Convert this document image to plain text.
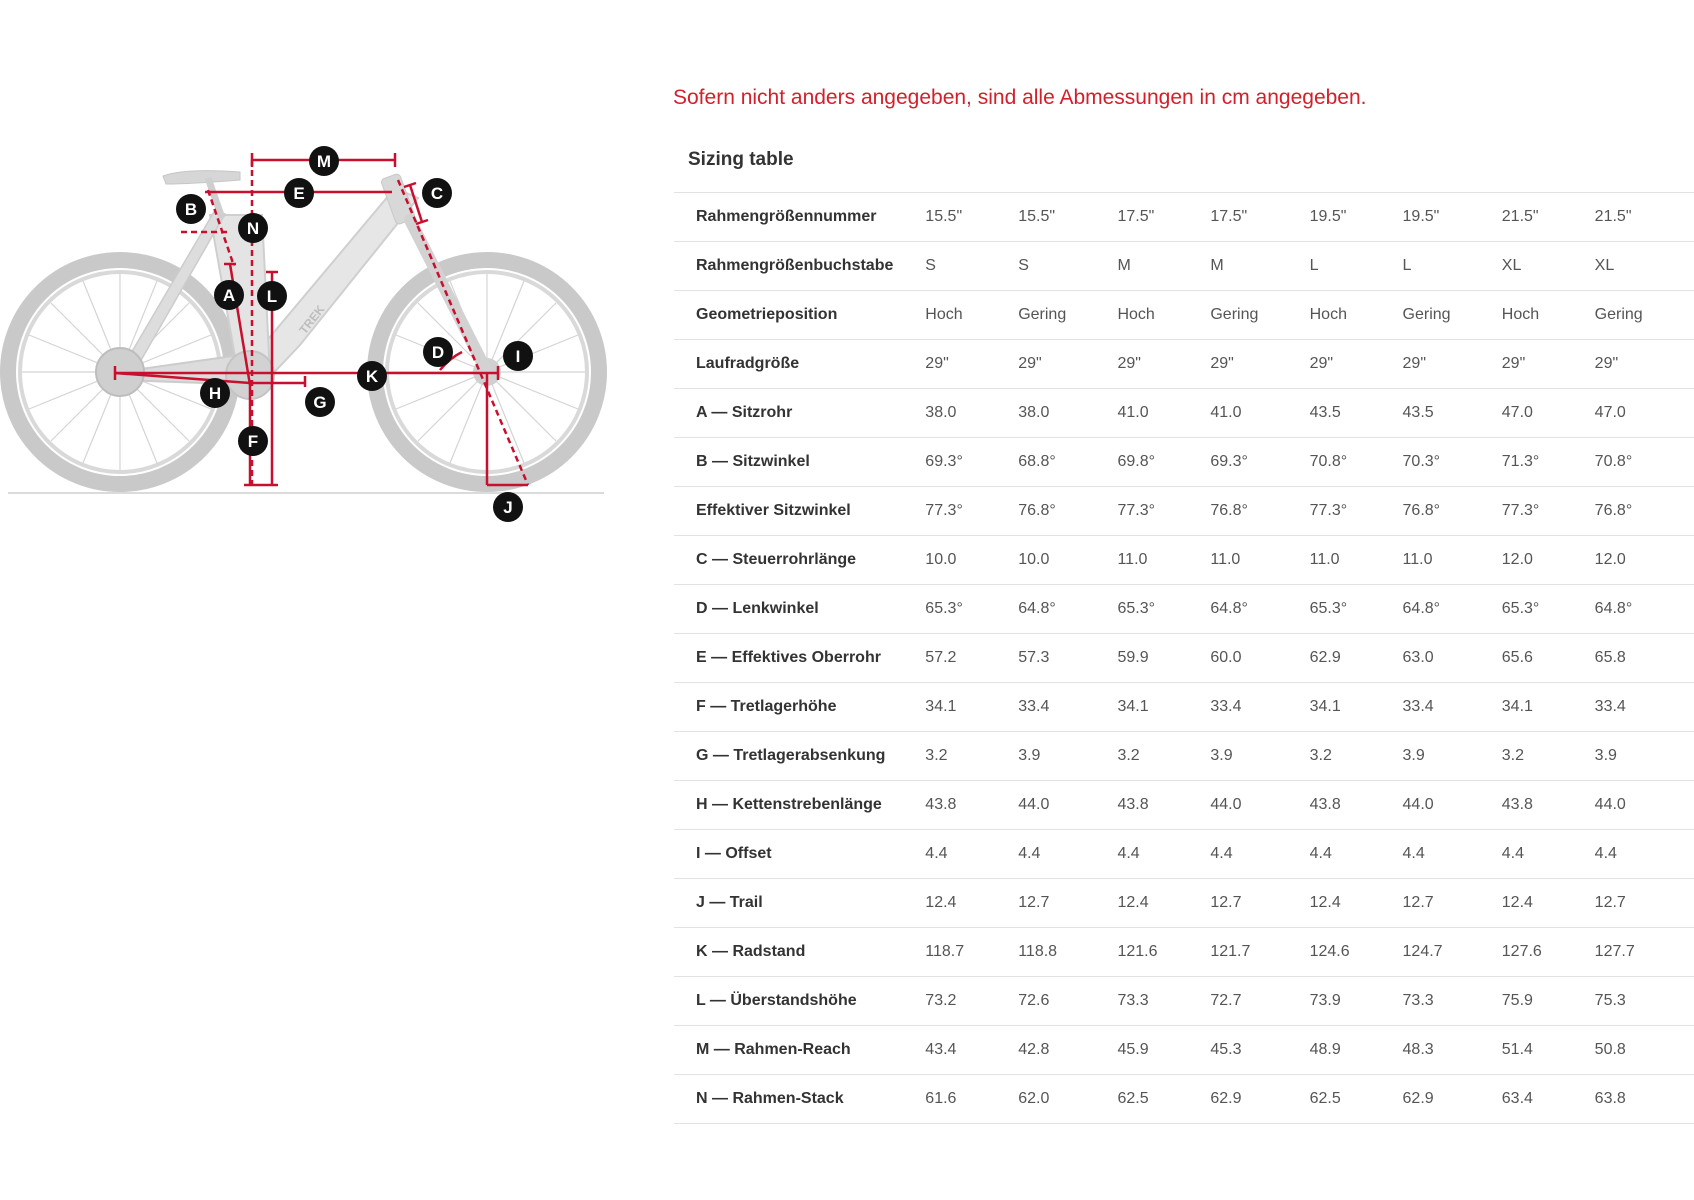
TREK
M
E	C
B
N
A L
D	I
K
H	G
F
J
Sofern nicht anders angegeben, sind alle Abmessungen in cm angegeben.
Sizing table
Rahmengrößennummer	15.5"	15.5"	17.5"	17.5"	19.5"	19.5"	21.5"	21.5"
Rahmengrößenbuchstabe	S	S	M	M	L	L	XL	XL
Geometrieposition	Hoch	Gering	Hoch	Gering	Hoch	Gering	Hoch	Gering
Laufradgröße	29"	29"	29"	29"	29"	29"	29"	29"
A — Sitzrohr	38.0	38.0	41.0	41.0	43.5	43.5	47.0	47.0
B — Sitzwinkel	69.3°	68.8°	69.8°	69.3°	70.8°	70.3°	71.3°	70.8°
Effektiver Sitzwinkel	77.3°	76.8°	77.3°	76.8°	77.3°	76.8°	77.3°	76.8°
C — Steuerrohrlänge	10.0	10.0	11.0	11.0	11.0	11.0	12.0	12.0
D — Lenkwinkel	65.3°	64.8°	65.3°	64.8°	65.3°	64.8°	65.3°	64.8°
E — Effektives Oberrohr	57.2	57.3	59.9	60.0	62.9	63.0	65.6	65.8
F — Tretlagerhöhe	34.1	33.4	34.1	33.4	34.1	33.4	34.1	33.4
G — Tretlagerabsenkung	3.2	3.9	3.2	3.9	3.2	3.9	3.2	3.9
H — Kettenstrebenlänge	43.8	44.0	43.8	44.0	43.8	44.0	43.8	44.0
I — Offset	4.4	4.4	4.4	4.4	4.4	4.4	4.4	4.4
J — Trail	12.4	12.7	12.4	12.7	12.4	12.7	12.4	12.7
K — Radstand	118.7	118.8	121.6	121.7	124.6	124.7	127.6	127.7
L — Überstandshöhe	73.2	72.6	73.3	72.7	73.9	73.3	75.9	75.3
M — Rahmen-Reach	43.4	42.8	45.9	45.3	48.9	48.3	51.4	50.8
N — Rahmen-Stack	61.6	62.0	62.5	62.9	62.5	62.9	63.4	63.8
